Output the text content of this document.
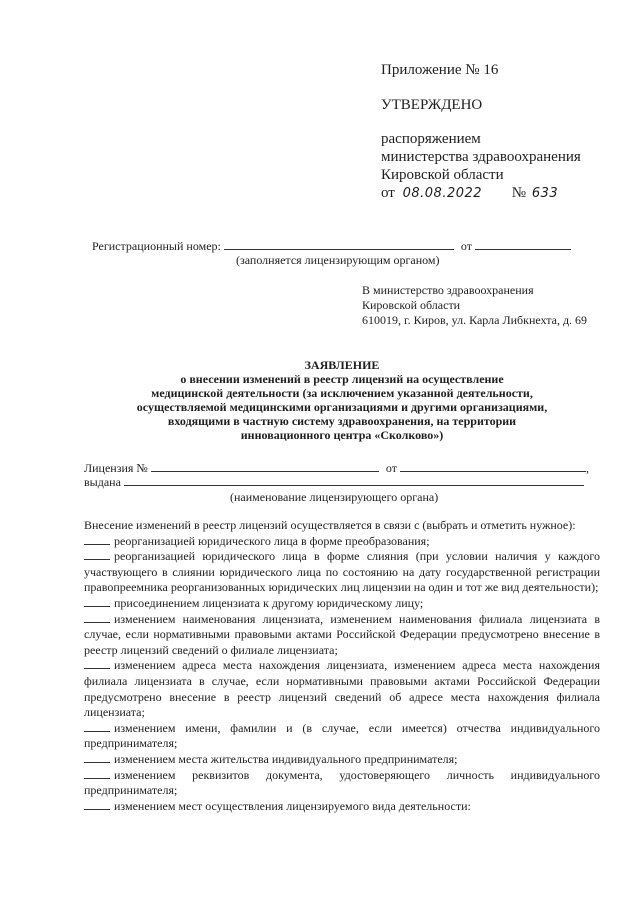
Приложение № 16
УТВЕРЖДЕНО
распоряжением
министерства здравоохранения
Кировской области
от 08.08.2022 № 633
Регистрационный номер:	от
(заполняется лицензирующим органом)
В министерство здравоохранения
Кировской области
610019, г. Киров, ул. Карла Либкнехта, д. 69
ЗАЯВЛЕНИЕ
о внесении изменений в реестр лицензий на осуществление
медицинской деятельности (за исключением указанной деятельности,
осуществляемой медицинскими организациями и другими организациями,
входящими в частную систему здравоохранения, на территории
инновационного центра «Сколково»)
Лицензия №	от	,
выдана
(наименование лицензирующего органа)

Внесение изменений в реестр лицензий осуществляется в связи с (выбрать и отметить нужное):

реорганизацией юридического лица в форме преобразования;

реорганизацией юридического лица в форме слияния (при условии наличия у каждого участвующего в слиянии юридического лица по состоянию на дату государственной регистрации правопреемника реорганизованных юридических лиц лицензии на один и тот же вид деятельности);

присоединением лицензиата к другому юридическому лицу;

изменением наименования лицензиата, изменением наименования филиала лицензиата в случае, если нормативными правовыми актами Российской Федерации предусмотрено внесение в реестр лицензий сведений о филиале лицензиата;

изменением адреса места нахождения лицензиата, изменением адреса места нахождения филиала лицензиата в случае, если нормативными правовыми актами Российской Федерации предусмотрено внесение в реестр лицензий сведений об адресе места нахождения филиала лицензиата;

изменением имени, фамилии и (в случае, если имеется) отчества индивидуального предпринимателя;

изменением места жительства индивидуального предпринимателя;

изменением реквизитов документа, удостоверяющего личность индивидуального предпринимателя;

изменением мест осуществления лицензируемого вида деятельности:
